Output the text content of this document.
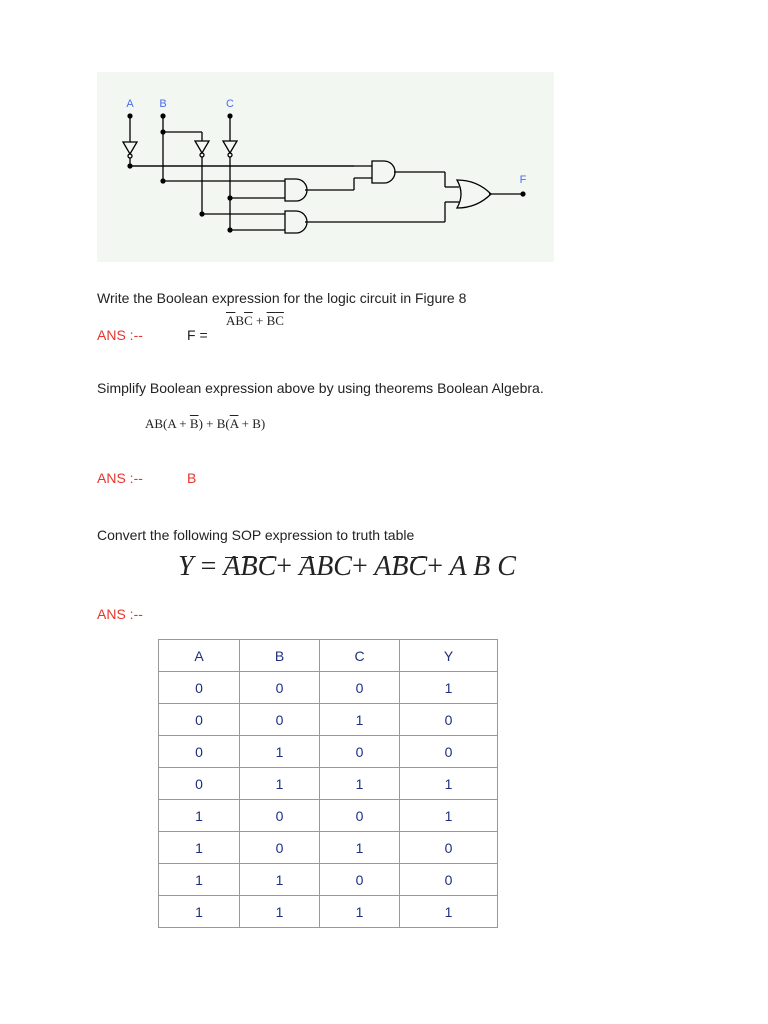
A B	C
F
Write the Boolean expression for the logic circuit in Figure 8
$\overline{A}B\overline{C} + \overline{B}\overline{C}$
ANS :--	F =
Simplify Boolean expression above by using theorems Boolean Algebra.
$AB(A + \overline{B}) + B(\overline{A} + B)$
ANS :--	B
Convert the following SOP expression to truth table
Y = ABC+ ABC+ ABC+ A B C
ANS :--
A	B	C	Y
0	0	0	1
0	0	1	0
0	1	0	0
0	1	1	1
1	0	0	1
1	0	1	0
1	1	0	0
1	1	1	1
